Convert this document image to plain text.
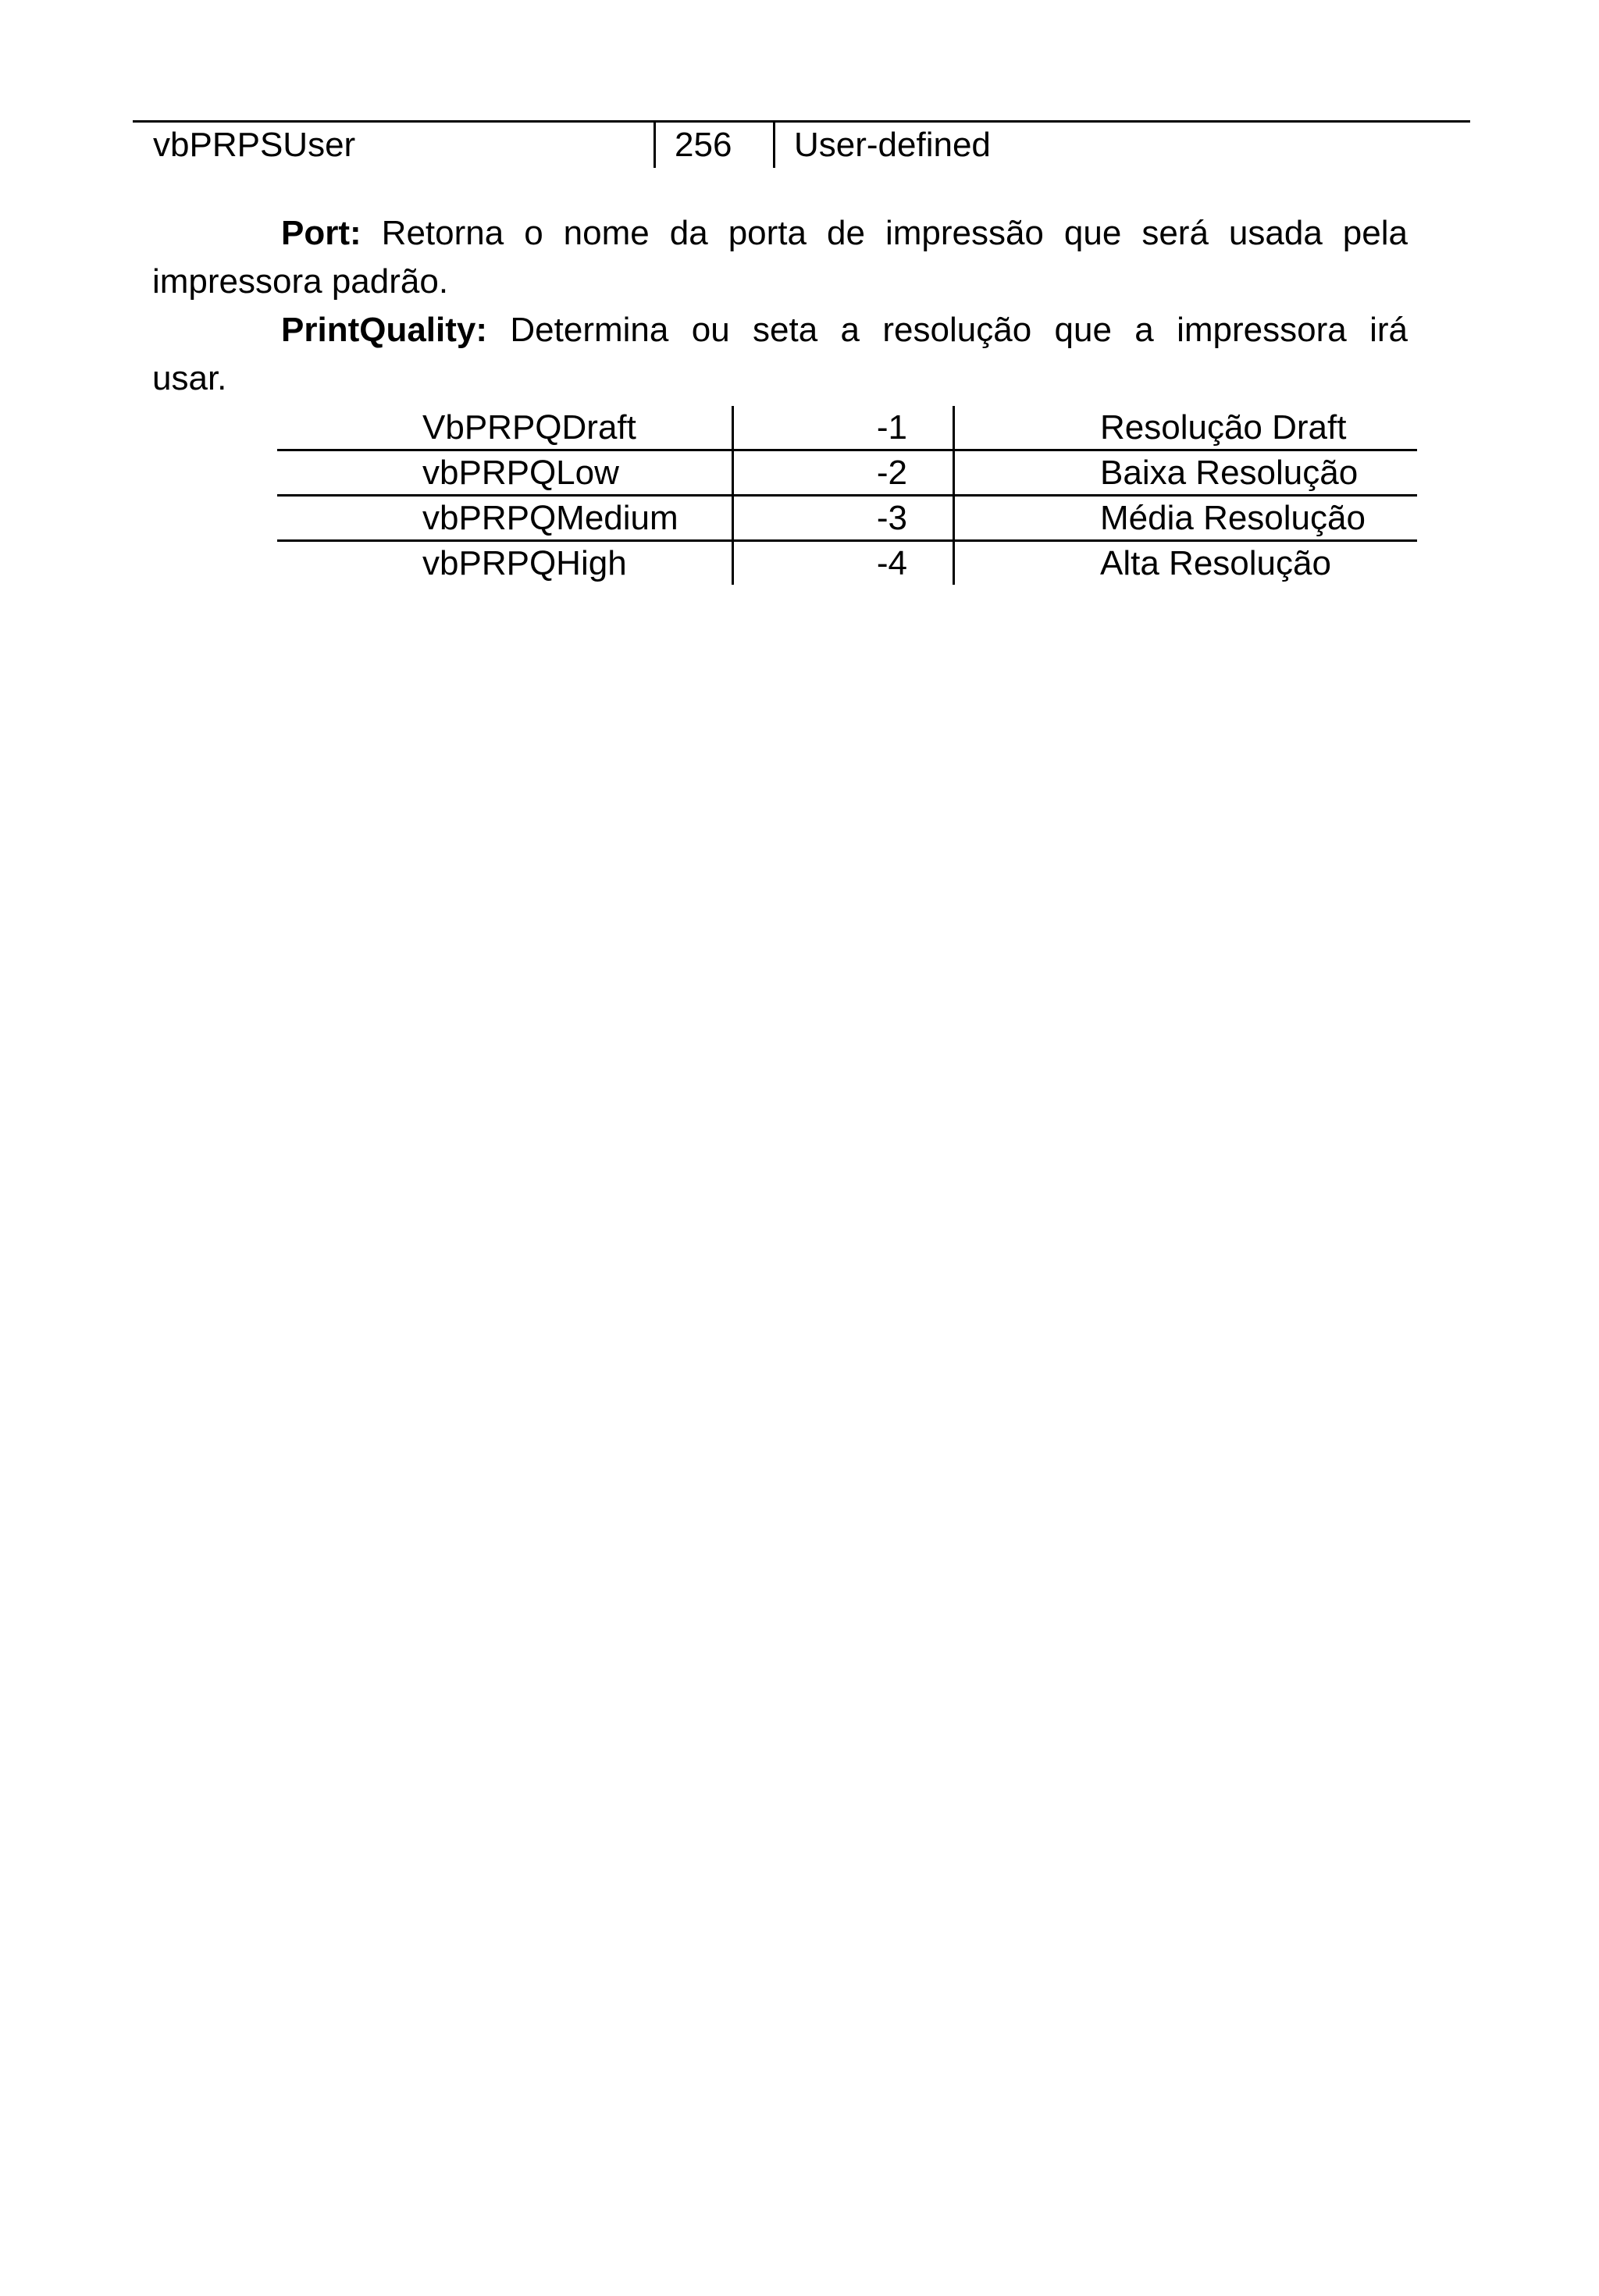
vbPRPSUser	256	User-defined

Port: Retorna o nome da porta de impressão que será usada pela
impressora padrão.

PrintQuality: Determina ou seta a resolução que a impressora irá
usar.

VbPRPQDraft	-1	Resolução Draft
vbPRPQLow	-2	Baixa Resolução
vbPRPQMedium	-3	Média Resolução
vbPRPQHigh	-4	Alta Resolução
